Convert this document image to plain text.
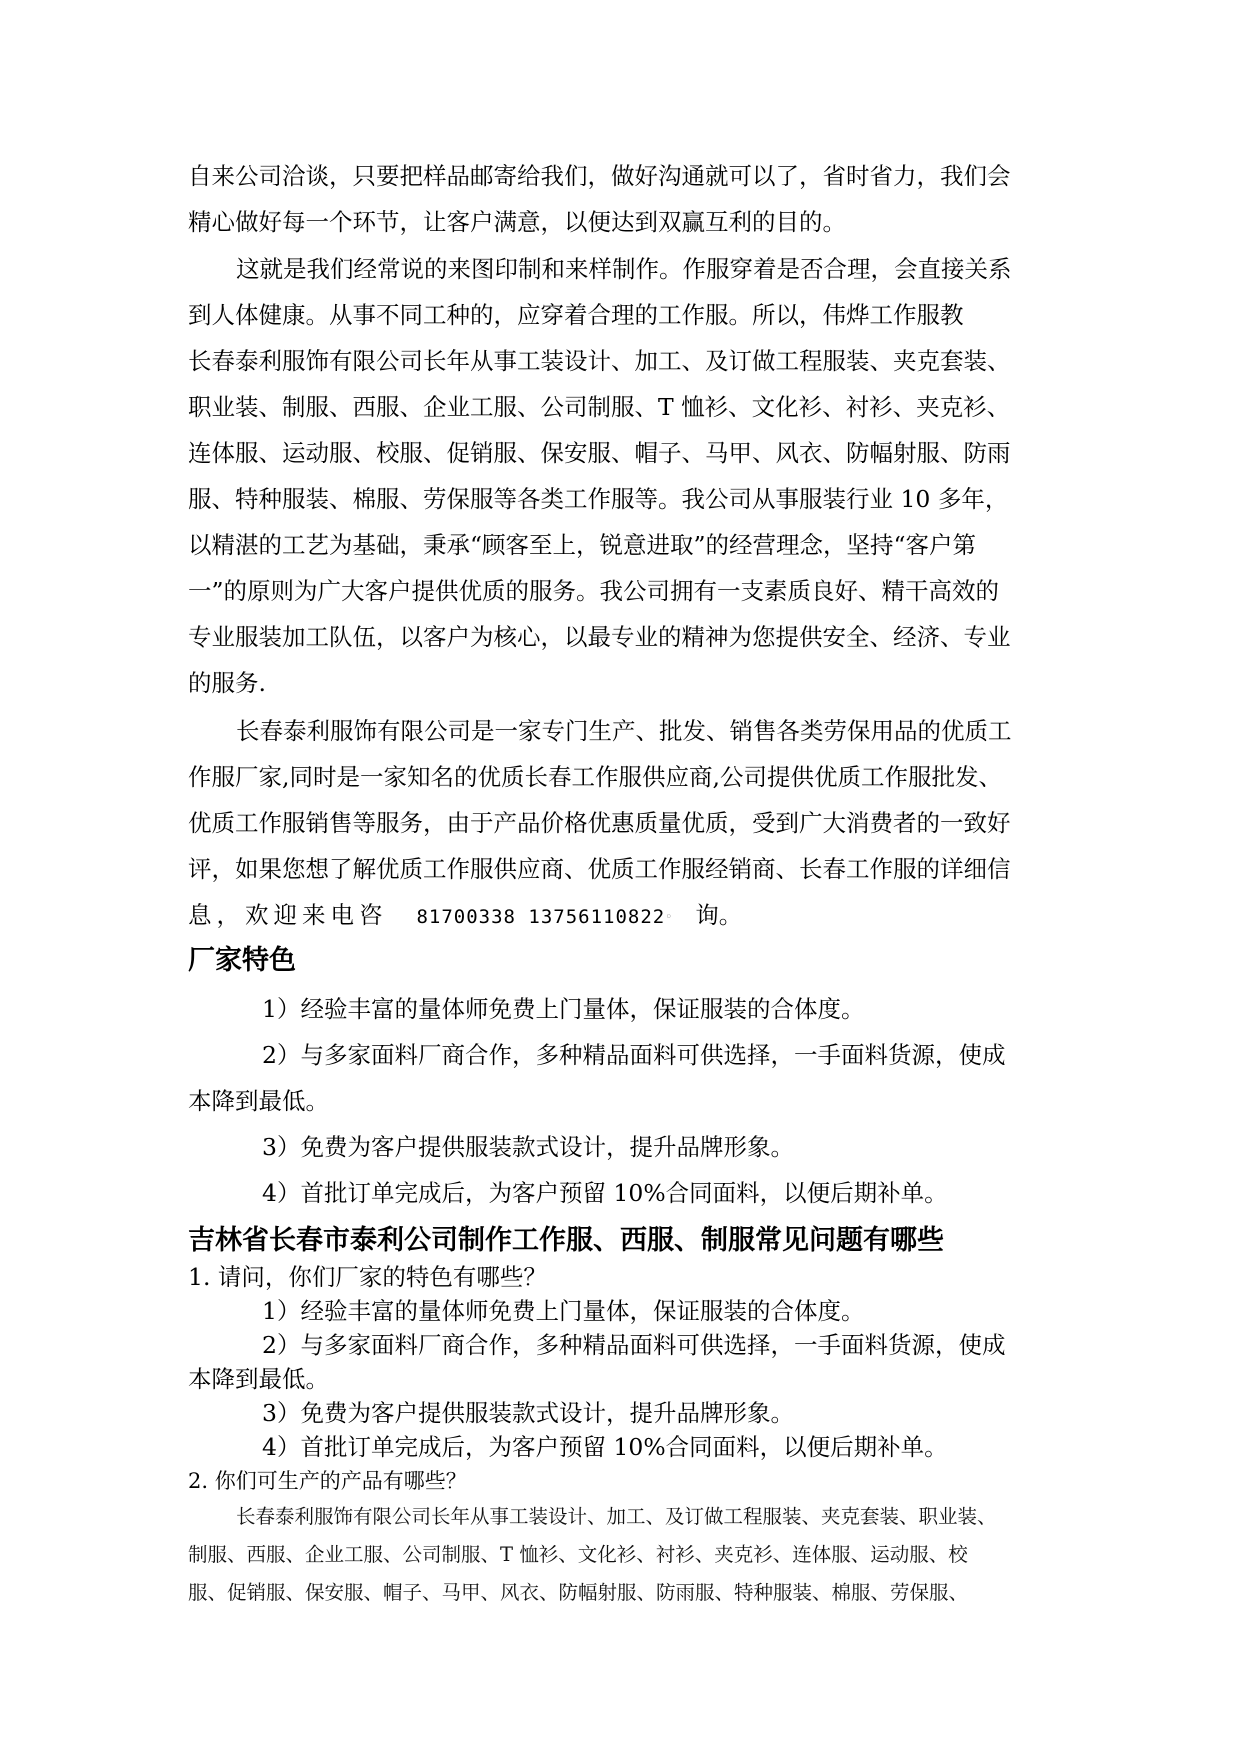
自来公司洽谈，只要把样品邮寄给我们，做好沟通就可以了，省时省力，我们会
精心做好每一个环节，让客户满意，以便达到双赢互利的目的。
这就是我们经常说的来图印制和来样制作。作服穿着是否合理，会直接关系
到人体健康。从事不同工种的，应穿着合理的工作服。所以，伟烨工作服教
长春泰利服饰有限公司长年从事工装设计、加工、及订做工程服装、夹克套装、
职业装、制服、西服、企业工服、公司制服、T 恤衫、文化衫、衬衫、夹克衫、
连体服、运动服、校服、促销服、保安服、帽子、马甲、风衣、防幅射服、防雨
服、特种服装、棉服、劳保服等各类工作服等。我公司从事服装行业 10 多年，
以精湛的工艺为基础，秉承“顾客至上，锐意进取”的经营理念，坚持“客户第
一”的原则为广大客户提供优质的服务。我公司拥有一支素质良好、精干高效的
专业服装加工队伍，以客户为核心，以最专业的精神为您提供安全、经济、专业
的服务.
长春泰利服饰有限公司是一家专门生产、批发、销售各类劳保用品的优质工
作服厂家,同时是一家知名的优质长春工作服供应商,公司提供优质工作服批发、
优质工作服销售等服务，由于产品价格优惠质量优质，受到广大消费者的一致好
评，如果您想了解优质工作服供应商、优质工作服经销商、长春工作服的详细信
息，欢迎来电咨 81700338 13756110822◦ 询。
厂家特色
1）经验丰富的量体师免费上门量体，保证服装的合体度。
2）与多家面料厂商合作，多种精品面料可供选择，一手面料货源，使成
本降到最低。
3）免费为客户提供服装款式设计，提升品牌形象。
4）首批订单完成后，为客户预留 10%合同面料，以便后期补单。
吉林省长春市泰利公司制作工作服、西服、制服常见问题有哪些
1. 请问，你们厂家的特色有哪些？
1）经验丰富的量体师免费上门量体，保证服装的合体度。
2）与多家面料厂商合作，多种精品面料可供选择，一手面料货源，使成
本降到最低。
3）免费为客户提供服装款式设计，提升品牌形象。
4）首批订单完成后，为客户预留 10%合同面料，以便后期补单。
2. 你们可生产的产品有哪些？
长春泰利服饰有限公司长年从事工装设计、加工、及订做工程服装、夹克套装、职业装、
制服、西服、企业工服、公司制服、T 恤衫、文化衫、衬衫、夹克衫、连体服、运动服、校
服、促销服、保安服、帽子、马甲、风衣、防幅射服、防雨服、特种服装、棉服、劳保服、
